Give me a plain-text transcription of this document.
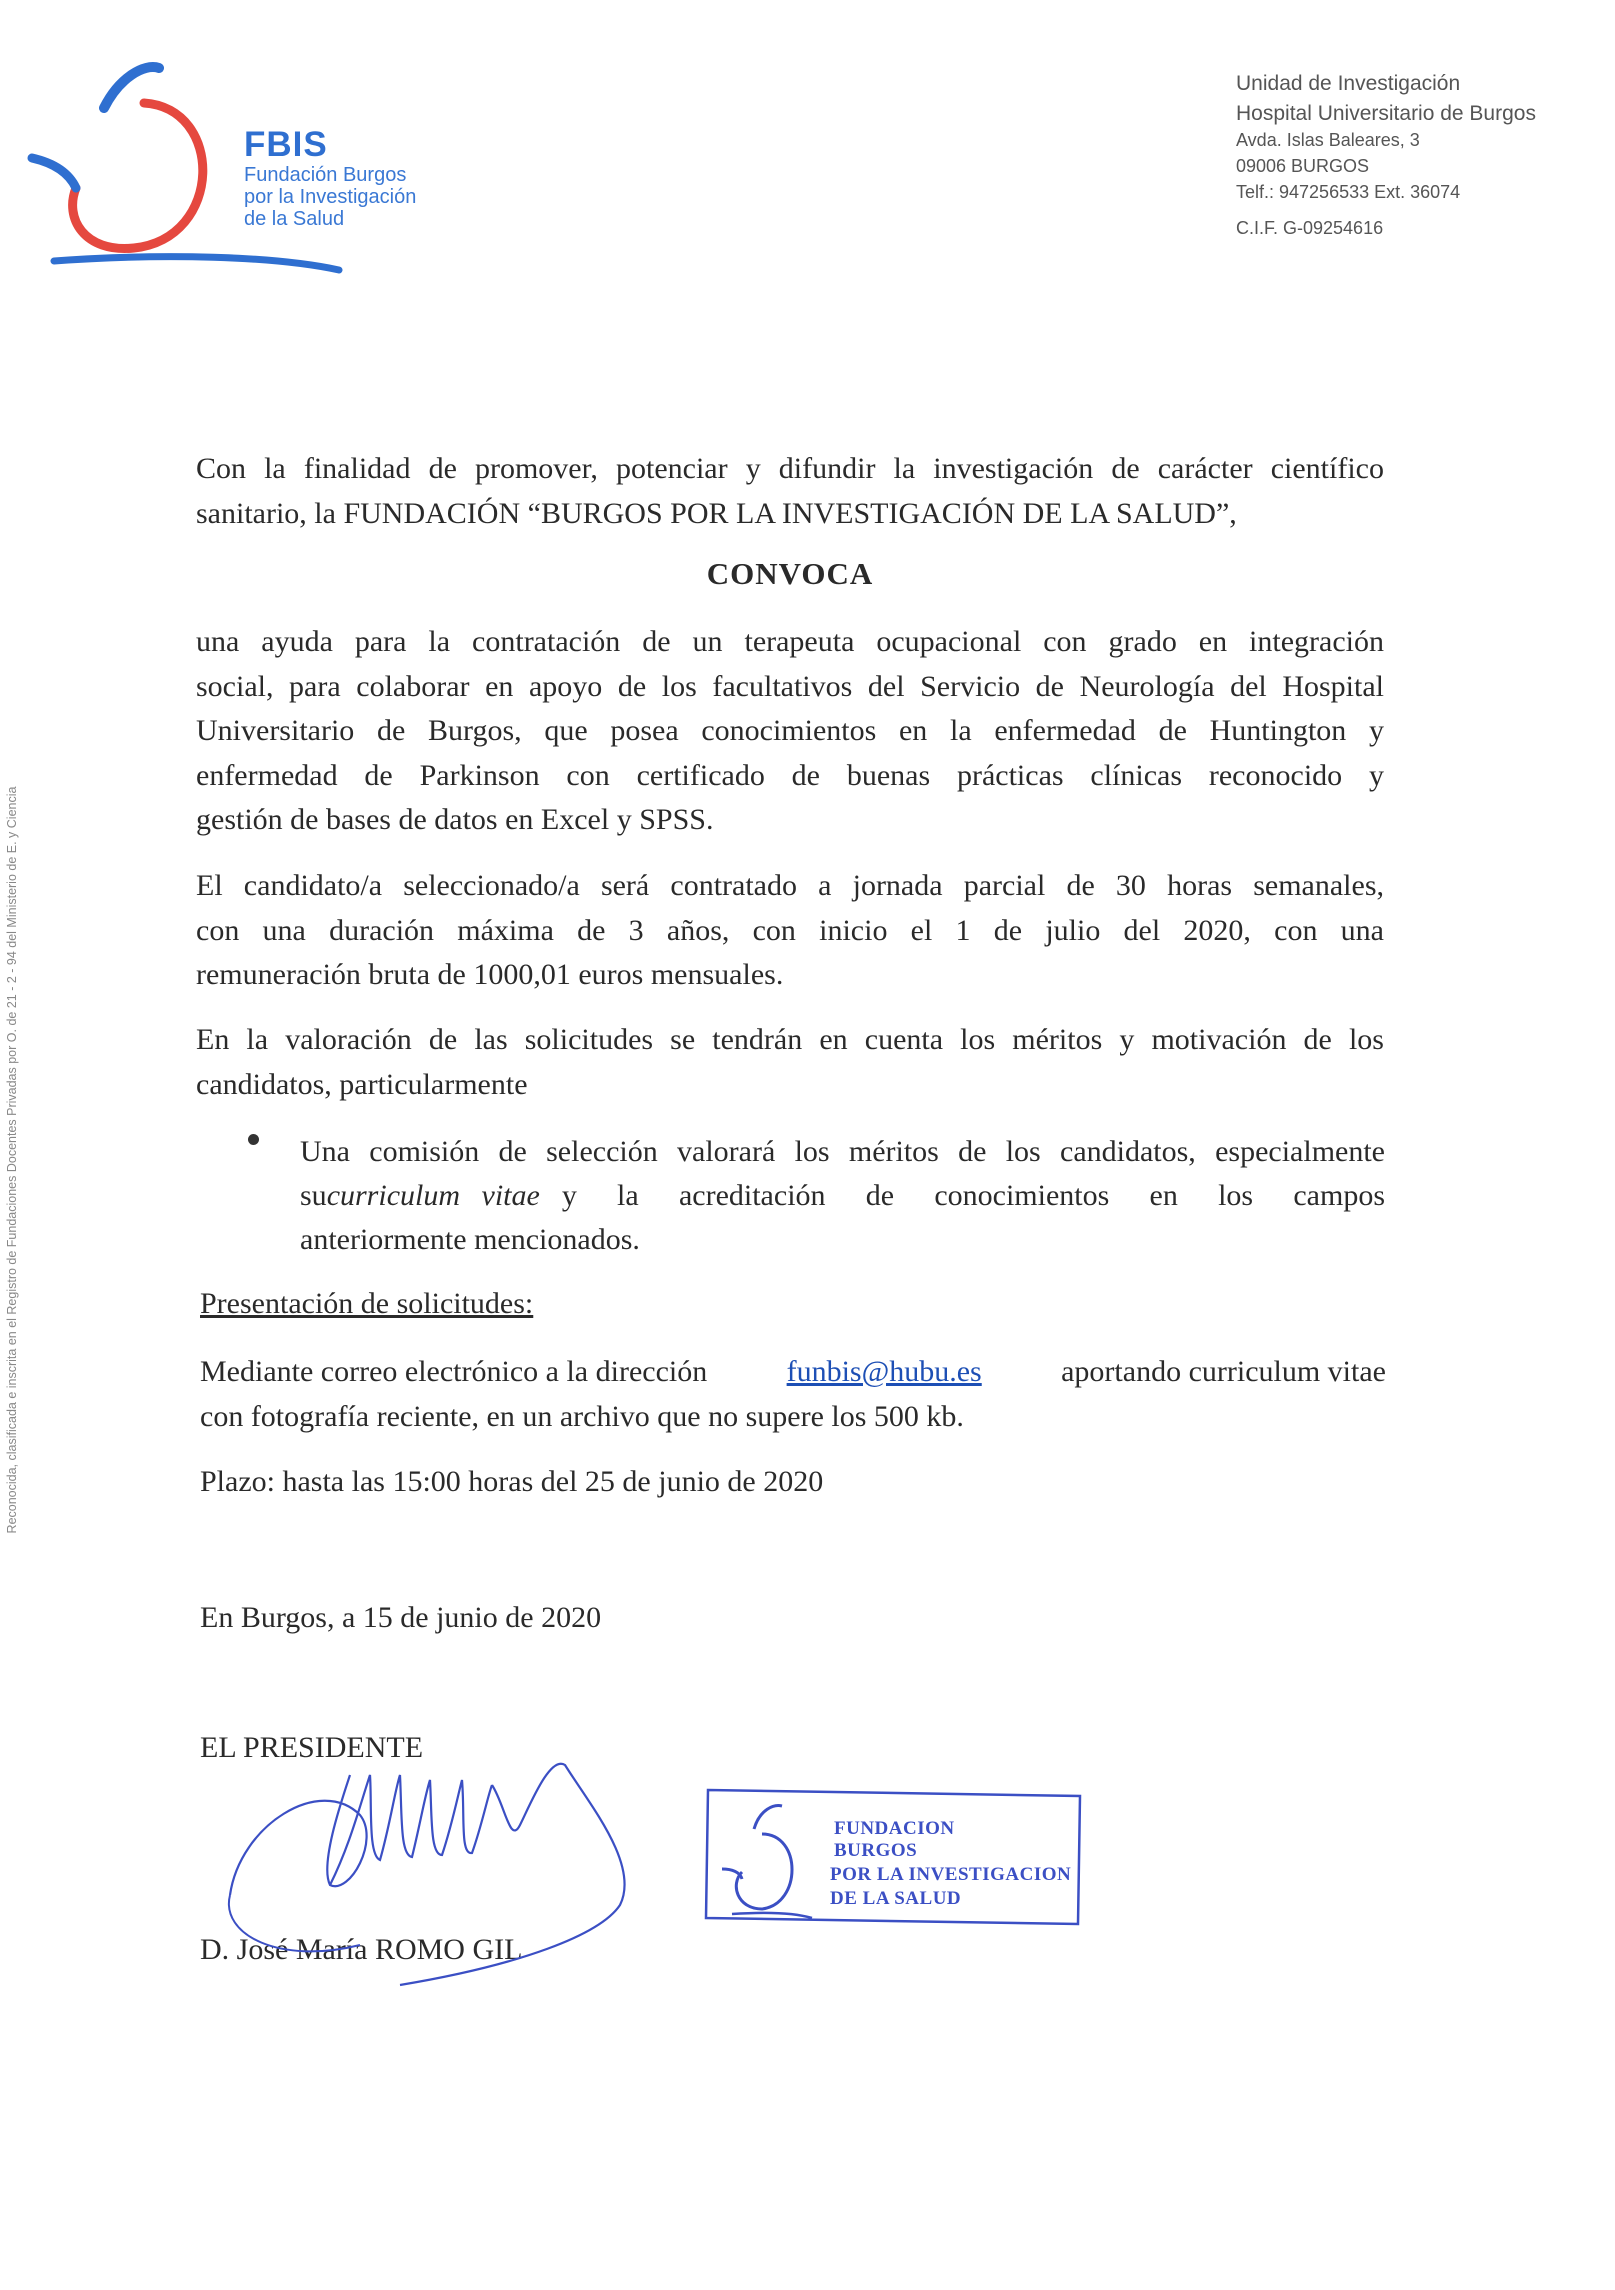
FBIS
Fundación Burgos
por la Investigación
de la Salud
Unidad de Investigación
Hospital Universitario de Burgos
Avda. Islas Baleares, 3
09006 BURGOS
Telf.: 947256533 Ext. 36074
C.I.F. G-09254616
Reconocida, clasificada e inscrita en el Registro de Fundaciones Docentes Privadas por O. de 21 - 2 - 94 del Ministerio de E. y Ciencia
Con la finalidad de promover, potenciar y difundir la investigación de carácter científico
sanitario, la FUNDACIÓN “BURGOS POR LA INVESTIGACIÓN DE LA SALUD”,
CONVOCA
una ayuda para la contratación de un terapeuta ocupacional con grado en integración
social, para colaborar en apoyo de los facultativos del Servicio de Neurología del Hospital
Universitario de Burgos, que posea conocimientos en la enfermedad de Huntington y
enfermedad de Parkinson con certificado de buenas prácticas clínicas reconocido y
gestión de bases de datos en Excel y SPSS.
El candidato/a seleccionado/a será contratado a jornada parcial de 30 horas semanales,
con una duración máxima de 3 años, con inicio el 1 de julio del 2020, con una
remuneración bruta de 1000,01 euros mensuales.
En la valoración de las solicitudes se tendrán en cuenta los méritos y motivación de los
candidatos, particularmente
Una comisión de selección valorará los méritos de los candidatos, especialmente
su curriculum vitae y la acreditación de conocimientos en los campos
anteriormente mencionados.
Presentación de solicitudes:
Mediante correo electrónico a la dirección	funbis@hubu.es	aportando curriculum vitae
con fotografía reciente, en un archivo que no supere los 500 kb.
Plazo: hasta las 15:00 horas del 25 de junio de 2020
En Burgos, a 15 de junio de 2020
EL PRESIDENTE
D. José María ROMO GIL
FUNDACION
BURGOS
POR LA INVESTIGACION
DE LA SALUD
